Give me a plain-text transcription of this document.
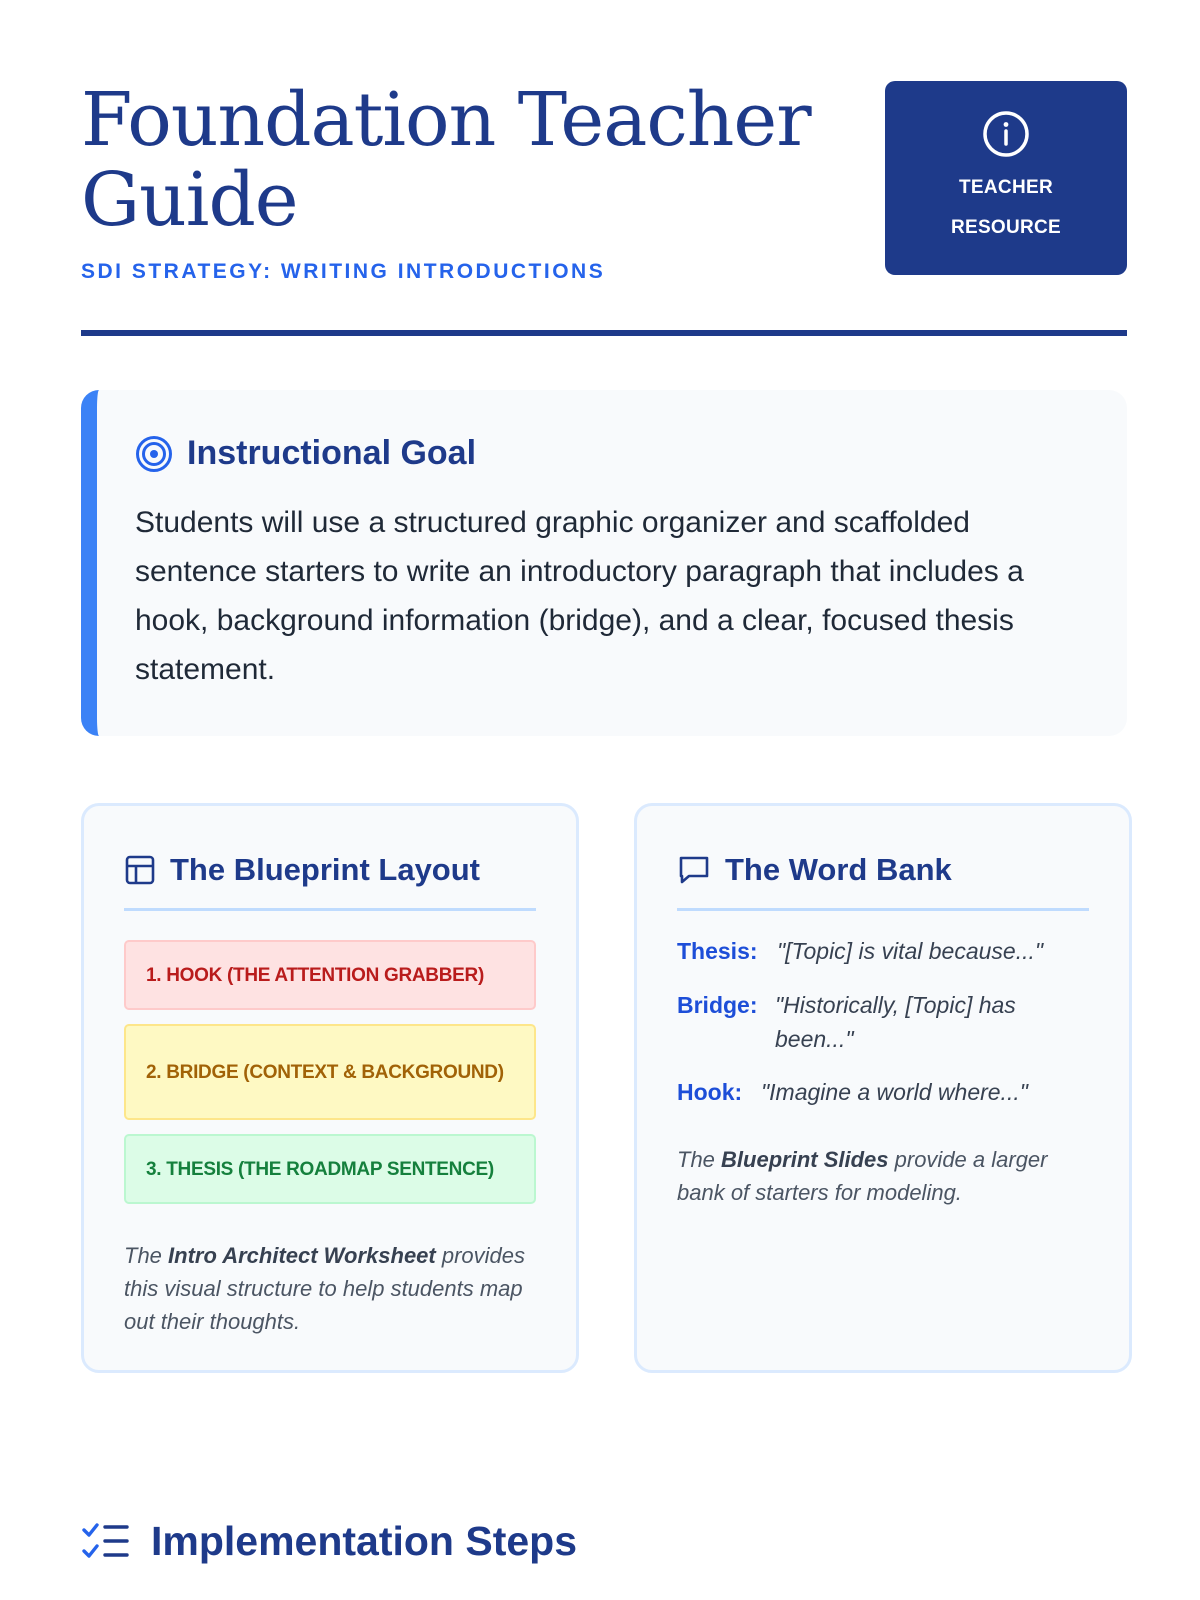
Foundation Teacher Guide
SDI STRATEGY: WRITING INTRODUCTIONS
TEACHER
RESOURCE
Instructional Goal

Students will use a structured graphic organizer and scaffolded sentence starters to write an introductory paragraph that includes a hook, background information (bridge), and a clear, focused thesis statement.

The Blueprint Layout
1. HOOK (THE ATTENTION GRABBER)
2. BRIDGE (CONTEXT & BACKGROUND)
3. THESIS (THE ROADMAP SENTENCE)

The Intro Architect Worksheet provides this visual structure to help students map out their thoughts.

The Word Bank
Thesis: "[Topic] is vital because..."
Bridge: "Historically, [Topic] has been..."
Hook: "Imagine a world where..."

The Blueprint Slides provide a larger bank of starters for modeling.

Implementation Steps
